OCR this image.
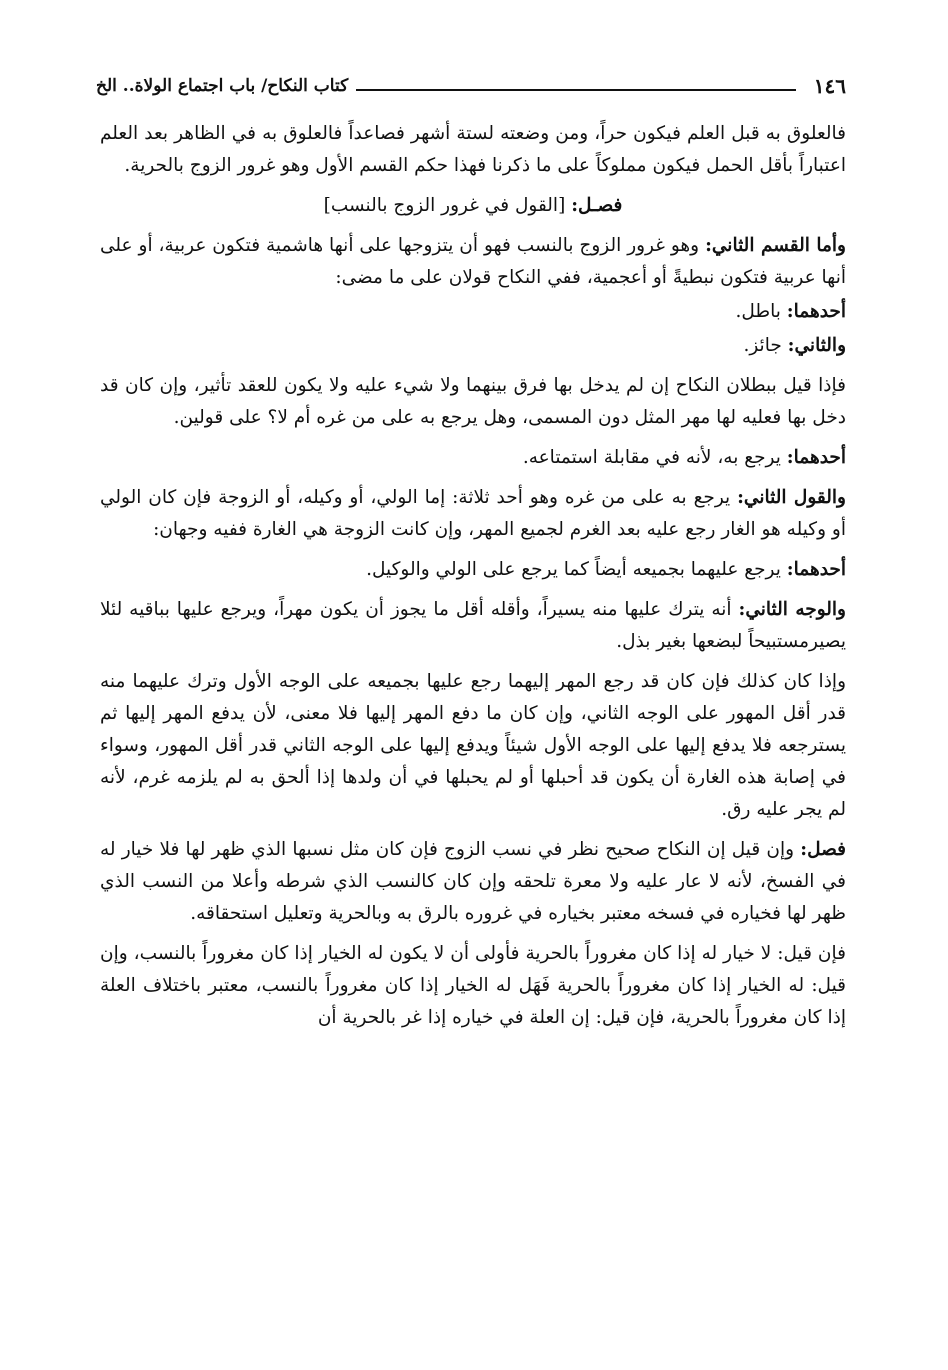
١٤٦
كتاب النكاح/ باب اجتماع الولاة.. الخ

فالعلوق به قبل العلم فيكون حراً، ومن وضعته لستة أشهر فصاعداً فالعلوق به في الظاهر بعد العلم اعتباراً بأقل الحمل فيكون مملوكاً على ما ذكرنا فهذا حكم القسم الأول وهو غرور الزوج بالحرية.

فصـل: [القول في غرور الزوج بالنسب]

وأما القسم الثاني: وهو غرور الزوج بالنسب فهو أن يتزوجها على أنها هاشمية فتكون عربية، أو على أنها عربية فتكون نبطيةً أو أعجمية، ففي النكاح قولان على ما مضى:

أحدهما: باطل.

والثاني: جائز.

فإذا قيل ببطلان النكاح إن لم يدخل بها فرق بينهما ولا شيء عليه ولا يكون للعقد تأثير، وإن كان قد دخل بها فعليه لها مهر المثل دون المسمى، وهل يرجع به على من غره أم لا؟ على قولين.

أحدهما: يرجع به، لأنه في مقابلة استمتاعه.

والقول الثاني: يرجع به على من غره وهو أحد ثلاثة: إما الولي، أو وكيله، أو الزوجة فإن كان الولي أو وكيله هو الغار رجع عليه بعد الغرم لجميع المهر، وإن كانت الزوجة هي الغارة ففيه وجهان:

أحدهما: يرجع عليهما بجميعه أيضاً كما يرجع على الولي والوكيل.

والوجه الثاني: أنه يترك عليها منه يسيراً، وأقله أقل ما يجوز أن يكون مهراً، ويرجع عليها بباقيه لئلا يصيرمستبيحاً لبضعها بغير بذل.

وإذا كان كذلك فإن كان قد رجع المهر إليهما رجع عليها بجميعه على الوجه الأول وترك عليهما منه قدر أقل المهور على الوجه الثاني، وإن كان ما دفع المهر إليها فلا معنى، لأن يدفع المهر إليها ثم يسترجعه فلا يدفع إليها على الوجه الأول شيئاً ويدفع إليها على الوجه الثاني قدر أقل المهور، وسواء في إصابة هذه الغارة أن يكون قد أحبلها أو لم يحبلها في أن ولدها إذا ألحق به لم يلزمه غرم، لأنه لم يجر عليه رق.

فصل: وإن قيل إن النكاح صحيح نظر في نسب الزوج فإن كان مثل نسبها الذي ظهر لها فلا خيار له في الفسخ، لأنه لا عار عليه ولا معرة تلحقه وإن كان كالنسب الذي شرطه وأعلا من النسب الذي ظهر لها فخياره في فسخه معتبر بخياره في غروره بالرق به وبالحرية وتعليل استحقاقه.

فإن قيل: لا خيار له إذا كان مغروراً بالحرية فأولى أن لا يكون له الخيار إذا كان مغروراً بالنسب، وإن قيل: له الخيار إذا كان مغروراً بالحرية فَهَل له الخيار إذا كان مغروراً بالنسب، معتبر باختلاف العلة إذا كان مغروراً بالحرية، فإن قيل: إن العلة في خياره إذا غر بالحرية أن
